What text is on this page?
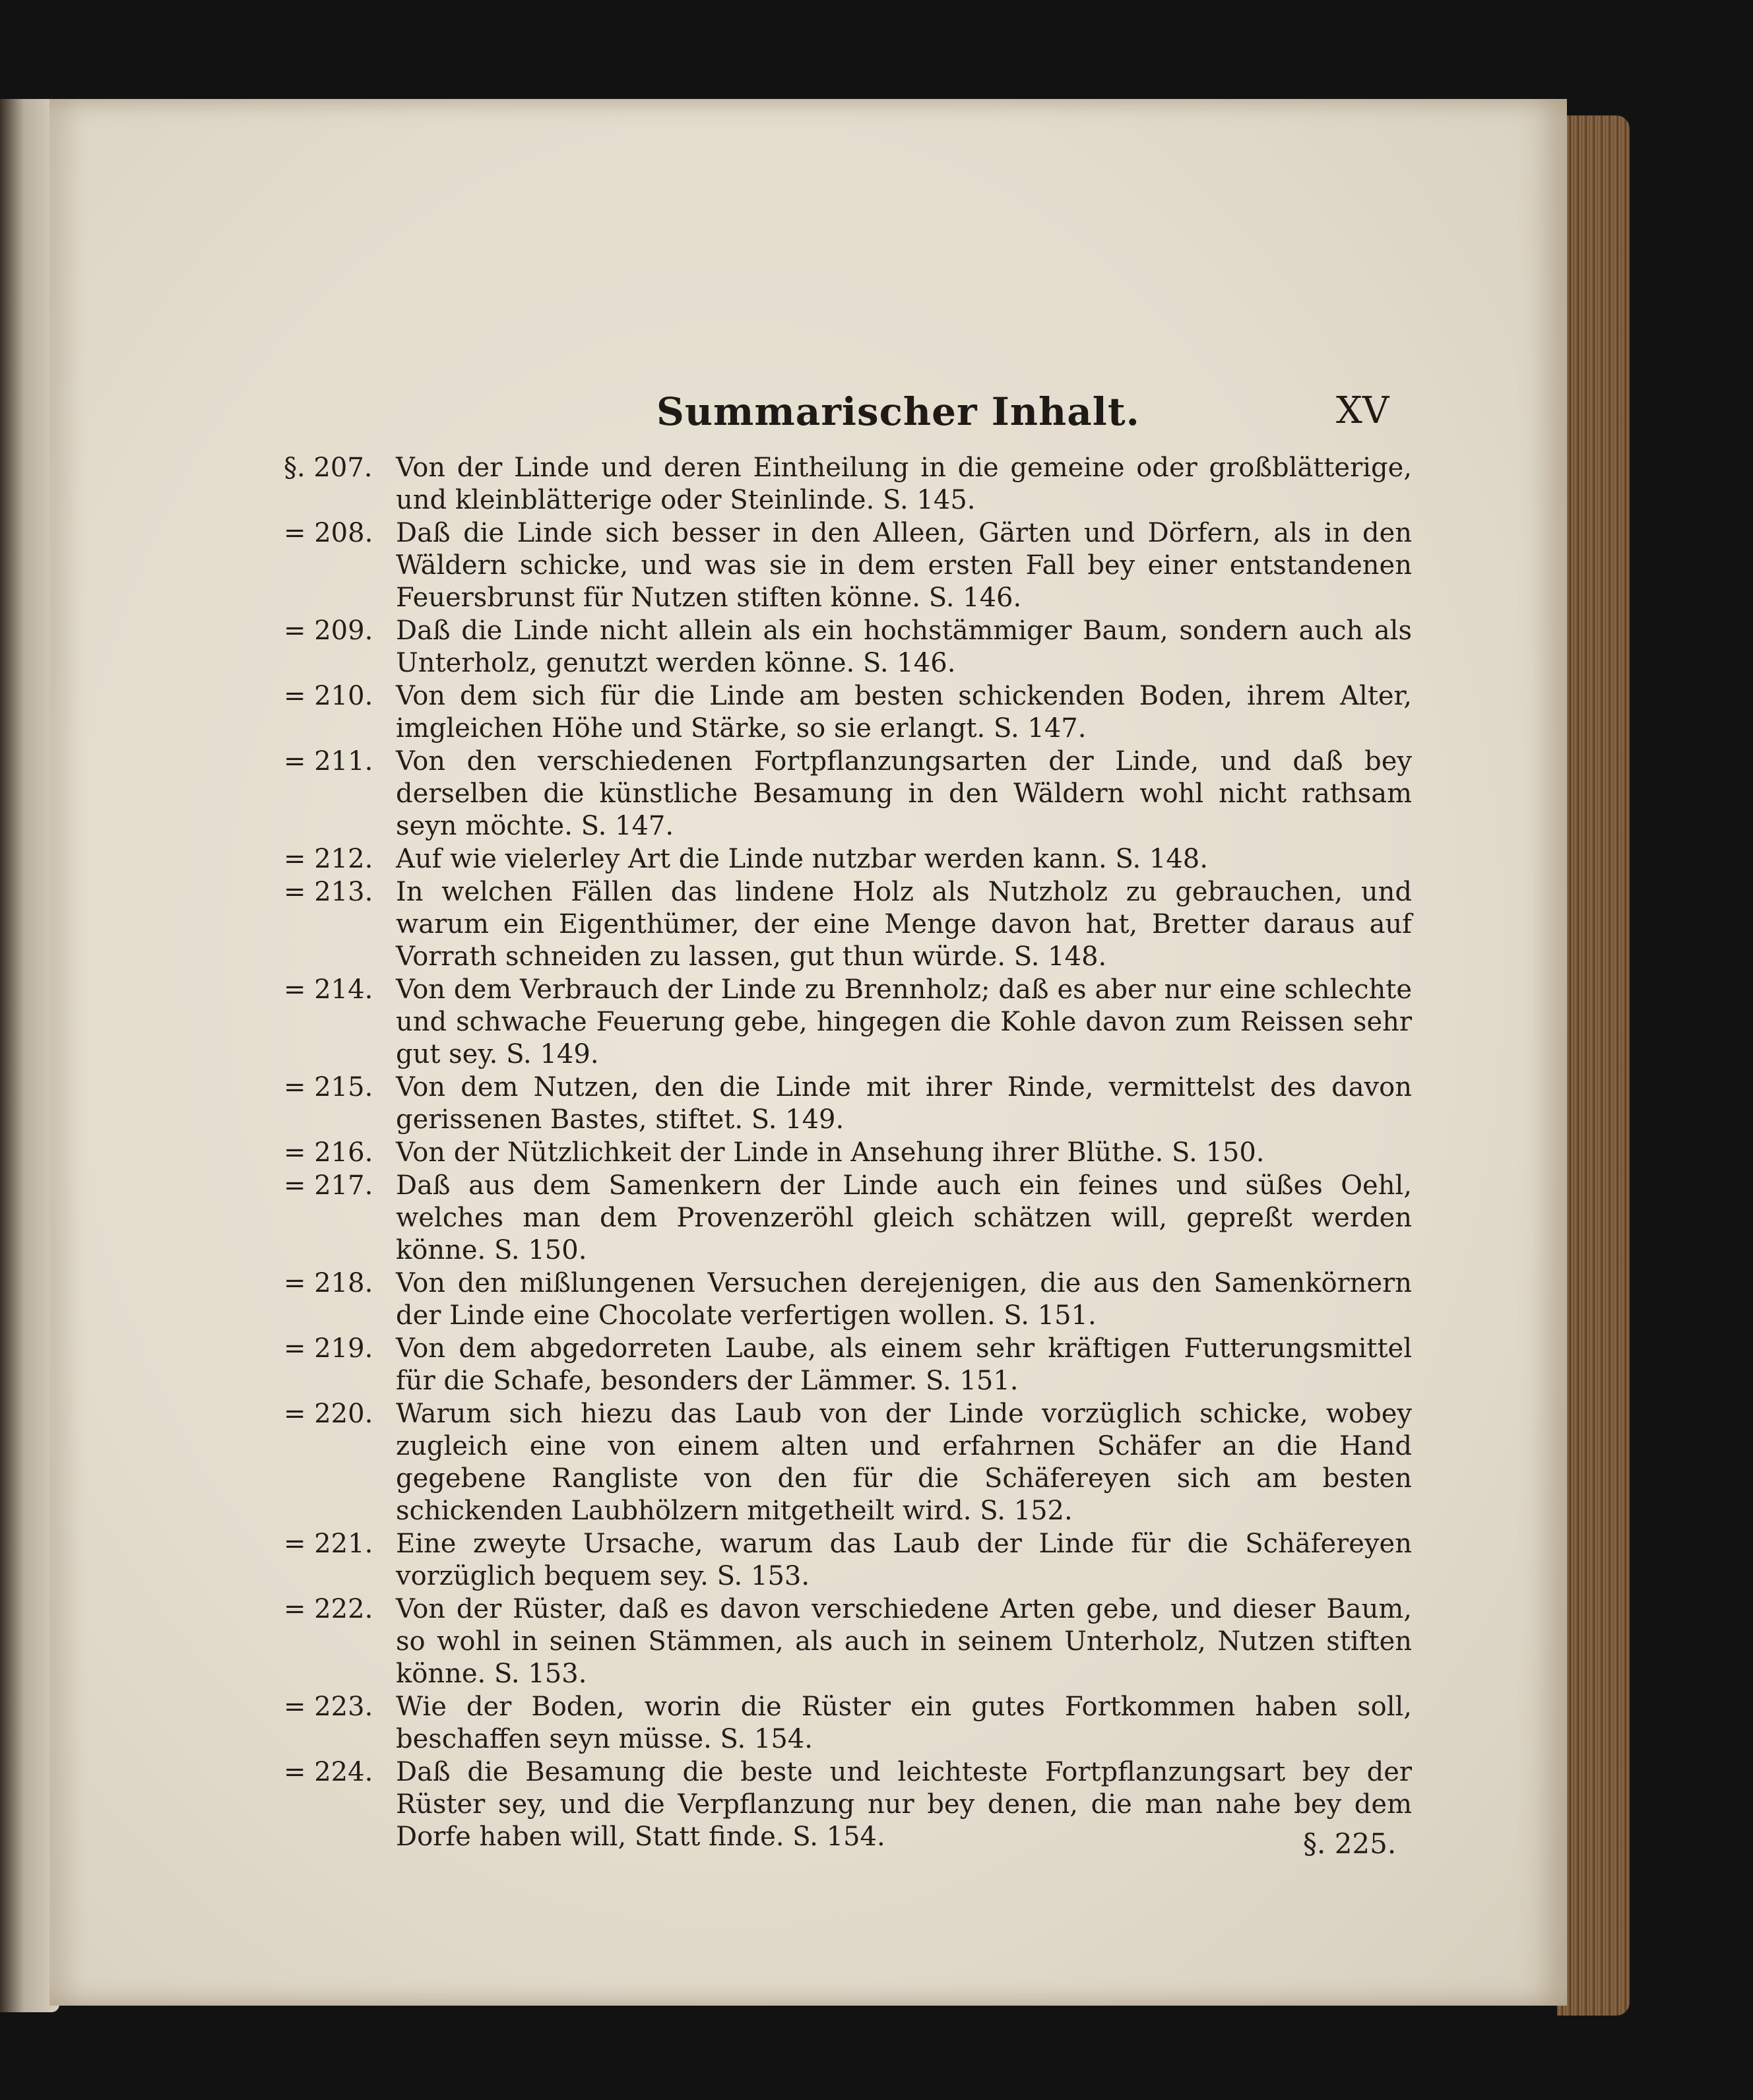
Summarischer Inhalt.	XV
§. 207. Von der Linde und deren Eintheilung in die gemeine oder großblätterige, und kleinblätterige oder Steinlinde. S. 145.
= 208. Daß die Linde sich besser in den Alleen, Gärten und Dörfern, als in den Wäldern schicke, und was sie in dem ersten Fall bey einer entstandenen Feuersbrunst für Nutzen stiften könne. S. 146.
= 209. Daß die Linde nicht allein als ein hochstämmiger Baum, sondern auch als Unterholz, genutzt werden könne. S. 146.
= 210. Von dem sich für die Linde am besten schickenden Boden, ihrem Alter, imgleichen Höhe und Stärke, so sie erlangt. S. 147.
= 211. Von den verschiedenen Fortpflanzungsarten der Linde, und daß bey derselben die künstliche Besamung in den Wäldern wohl nicht rathsam seyn möchte. S. 147.
= 212. Auf wie vielerley Art die Linde nutzbar werden kann. S. 148.
= 213. In welchen Fällen das lindene Holz als Nutzholz zu gebrauchen, und warum ein Eigenthümer, der eine Menge davon hat, Bretter daraus auf Vorrath schneiden zu lassen, gut thun würde. S. 148.
= 214. Von dem Verbrauch der Linde zu Brennholz; daß es aber nur eine schlechte und schwache Feuerung gebe, hingegen die Kohle davon zum Reissen sehr gut sey. S. 149.
= 215. Von dem Nutzen, den die Linde mit ihrer Rinde, vermittelst des davon gerissenen Bastes, stiftet. S. 149.
= 216. Von der Nützlichkeit der Linde in Ansehung ihrer Blüthe. S. 150.
= 217. Daß aus dem Samenkern der Linde auch ein feines und süßes Oehl, welches man dem Provenzeröhl gleich schätzen will, gepreßt werden könne. S. 150.
= 218. Von den mißlungenen Versuchen derejenigen, die aus den Samenkörnern der Linde eine Chocolate verfertigen wollen. S. 151.
= 219. Von dem abgedorreten Laube, als einem sehr kräftigen Futterungsmittel für die Schafe, besonders der Lämmer. S. 151.
= 220. Warum sich hiezu das Laub von der Linde vorzüglich schicke, wobey zugleich eine von einem alten und erfahrnen Schäfer an die Hand gegebene Rangliste von den für die Schäfereyen sich am besten schickenden Laubhölzern mitgetheilt wird. S. 152.
= 221. Eine zweyte Ursache, warum das Laub der Linde für die Schäfereyen vorzüglich bequem sey. S. 153.
= 222. Von der Rüster, daß es davon verschiedene Arten gebe, und dieser Baum, so wohl in seinen Stämmen, als auch in seinem Unterholz, Nutzen stiften könne. S. 153.
= 223. Wie der Boden, worin die Rüster ein gutes Fortkommen haben soll, beschaffen seyn müsse. S. 154.
= 224. Daß die Besamung die beste und leichteste Fortpflanzungsart bey der Rüster sey, und die Verpflanzung nur bey denen, die man nahe bey dem Dorfe haben will, Statt finde. S. 154.	§. 225.
